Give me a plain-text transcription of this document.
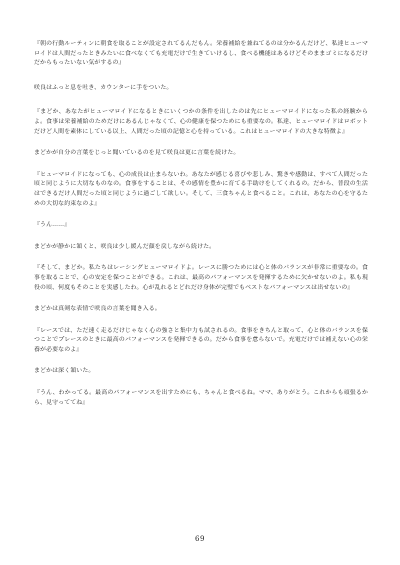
『朝の行動ルーティンに朝食を取ることが設定されてるんだもん。栄養補給を兼ねてるのは分かるんだけど、私達ヒューマロイドは人間だったときみたいに食べなくても充電だけで生きていけるし、食べる機能はあるけどそのままゴミになるだけだからもったいない気がするの』

咲良はふっと息を吐き、カウンターに手をついた。

『まどか、あなたがヒューマロイドになるときにいくつかの条件を出したのは先にヒューマロイドになった私の経験からよ。食事は栄養補給のためだけにあるんじゃなくて、心の健康を保つためにも重要なの。私達、ヒューマロイドはロボットだけど人間を素体にしている以上、人間だった頃の記憶と心を持っている。これはヒューマロイドの大きな特徴よ』

まどかが自分の言葉をじっと聞いているのを見て咲良は更に言葉を続けた。

『ヒューマロイドになっても、心の成長は止まらないわ。あなたが感じる喜びや悲しみ、驚きや感動は、すべて人間だった頃と同じように大切なものなの。食事をすることは、その感情を豊かに育てる手助けをしてくれるの。だから、普段の生活はできるだけ人間だった頃と同じように過ごして欲しい。そして、三食ちゃんと食べること。これは、あなたの心を守るための大切な約束なのよ』

『うん……』

まどかが静かに頷くと、咲良は少し緩んだ顔を戻しながら続けた。

『そして、まどか。私たちはレーシングヒューマロイドよ。レースに勝つためには心と体のバランスが非常に重要なの。食事を取ることで、心の安定を保つことができる。これは、最高のパフォーマンスを発揮するために欠かせないのよ。私も現役の頃、何度もそのことを実感したわ。心が乱れるとどれだけ身体が完璧でもベストなパフォーマンスは出せないの』

まどかは真剣な表情で咲良の言葉を聞き入る。

『レースでは、ただ速く走るだけじゃなく心の強さと集中力も試されるの。食事をきちんと取って、心と体のバランスを保つことでプレースのときに最高のパフォーマンスを発揮できるの。だから食事を怠らないで。充電だけでは補えない心の栄養が必要なのよ』

まどかは深く頷いた。

『うん、わかってる。最高のパフォーマンスを出すためにも、ちゃんと食べるね。ママ、ありがとう。これからも頑張るから、見守っててね』

69
